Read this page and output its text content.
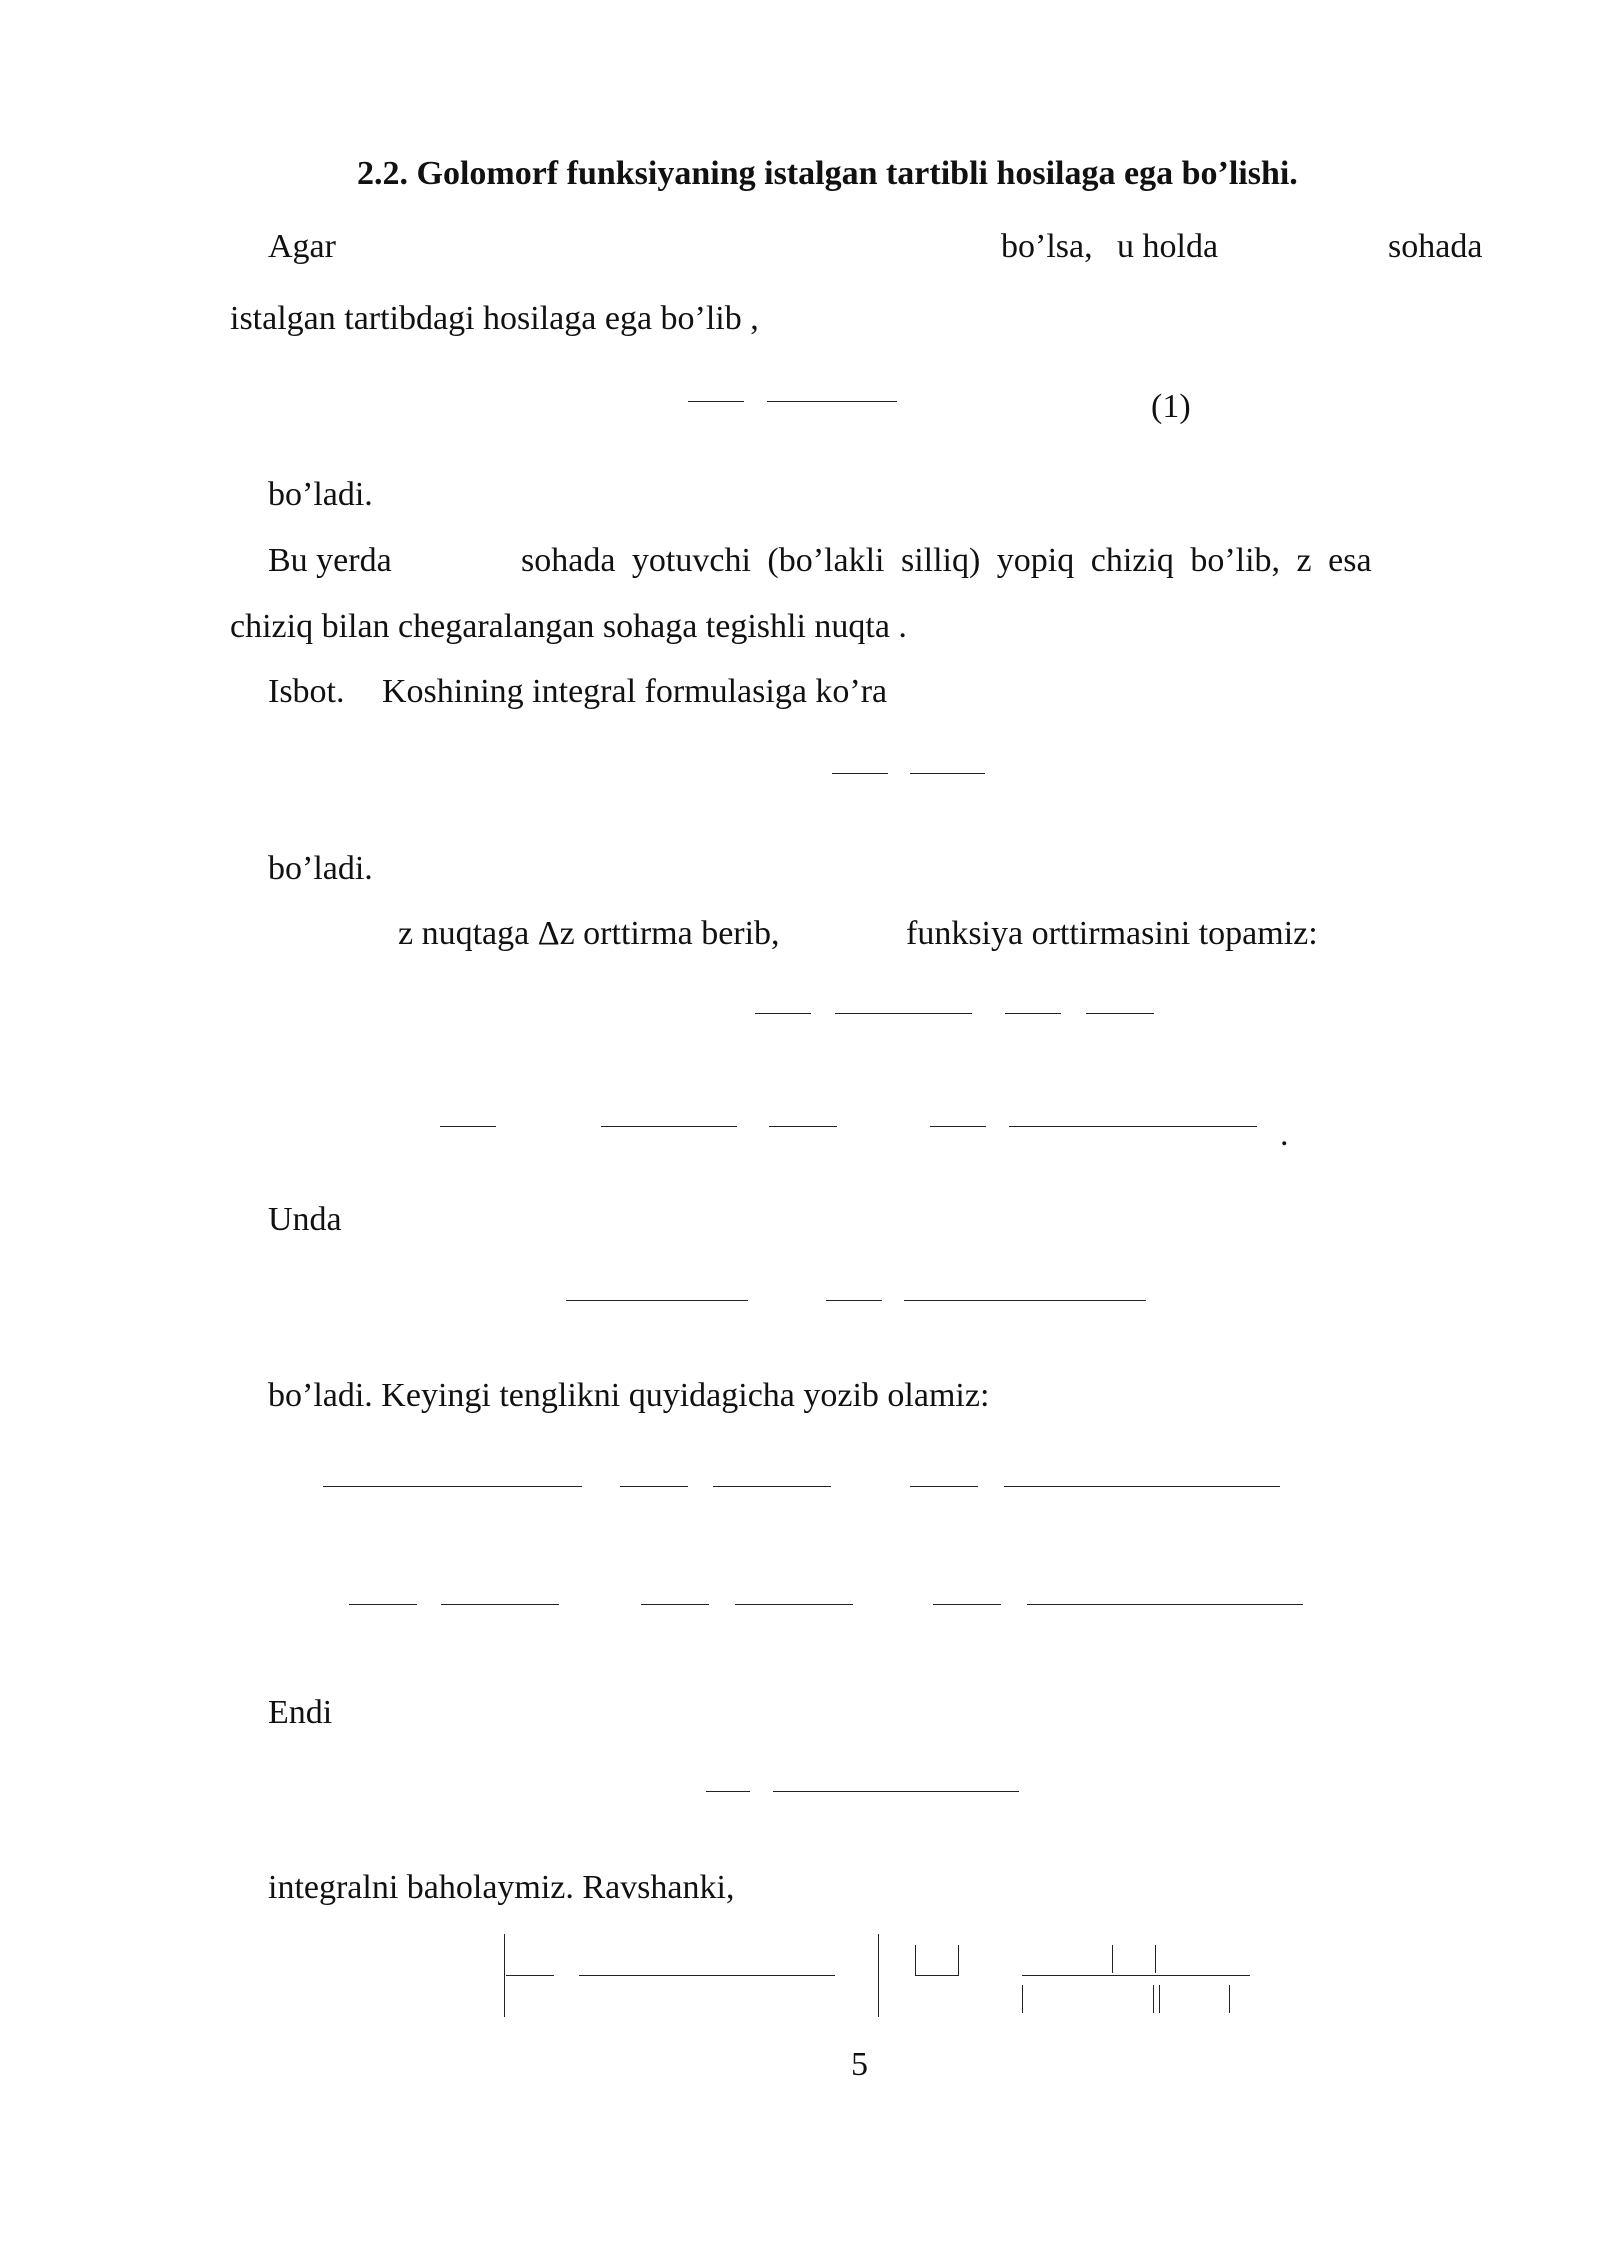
2.2. Golomorf funksiyaning istalgan tartibli hosilaga ega bo’lishi.
Agar	bo’lsa, u holda	sohada
istalgan tartibdagi hosilaga ega bo’lib ,
(1)
bo’ladi.
Bu yerda	sohada yotuvchi (bo’lakli silliq) yopiq chiziq bo’lib, z esa
chiziq bilan chegaralangan sohaga tegishli nuqta .
Isbot. Koshining integral formulasiga ko’ra
bo’ladi.
z nuqtaga Δz orttirma berib,	funksiya orttirmasini topamiz:
.
Unda
bo’ladi. Keyingi tenglikni quyidagicha yozib olamiz:
Endi
integralni baholaymiz. Ravshanki,
5
